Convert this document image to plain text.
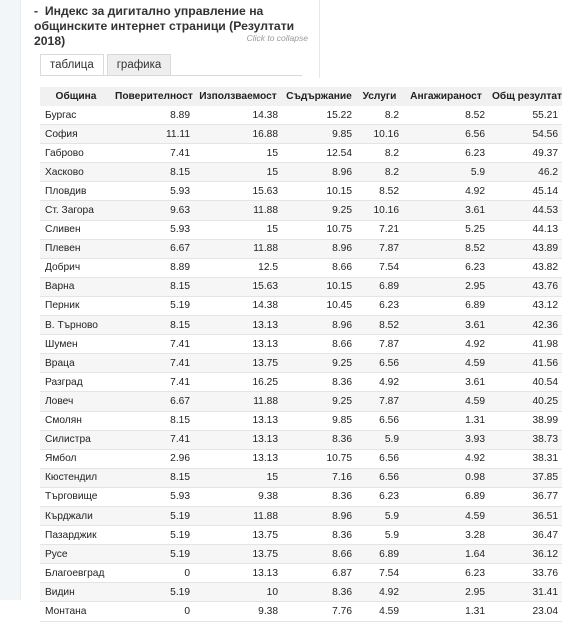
- Индекс за дигитално управление на общинските интернет страници (Резултати 2018)	Click to collapse
таблица	графика
Община	Поверителност	Използваемост	Съдържание	Услуги	Ангажираност	Общ резултат
Бургас	8.89	14.38	15.22	8.2	8.52	55.21
София	11.11	16.88	9.85	10.16	6.56	54.56
Габрово	7.41	15	12.54	8.2	6.23	49.37
Хасково	8.15	15	8.96	8.2	5.9	46.2
Пловдив	5.93	15.63	10.15	8.52	4.92	45.14
Ст. Загора	9.63	11.88	9.25	10.16	3.61	44.53
Сливен	5.93	15	10.75	7.21	5.25	44.13
Плевен	6.67	11.88	8.96	7.87	8.52	43.89
Добрич	8.89	12.5	8.66	7.54	6.23	43.82
Варна	8.15	15.63	10.15	6.89	2.95	43.76
Перник	5.19	14.38	10.45	6.23	6.89	43.12
В. Търново	8.15	13.13	8.96	8.52	3.61	42.36
Шумен	7.41	13.13	8.66	7.87	4.92	41.98
Враца	7.41	13.75	9.25	6.56	4.59	41.56
Разград	7.41	16.25	8.36	4.92	3.61	40.54
Ловеч	6.67	11.88	9.25	7.87	4.59	40.25
Смолян	8.15	13.13	9.85	6.56	1.31	38.99
Силистра	7.41	13.13	8.36	5.9	3.93	38.73
Ямбол	2.96	13.13	10.75	6.56	4.92	38.31
Кюстендил	8.15	15	7.16	6.56	0.98	37.85
Търговище	5.93	9.38	8.36	6.23	6.89	36.77
Кърджали	5.19	11.88	8.96	5.9	4.59	36.51
Пазарджик	5.19	13.75	8.36	5.9	3.28	36.47
Русе	5.19	13.75	8.66	6.89	1.64	36.12
Благоевград	0	13.13	6.87	7.54	6.23	33.76
Видин	5.19	10	8.36	4.92	2.95	31.41
Монтана	0	9.38	7.76	4.59	1.31	23.04
